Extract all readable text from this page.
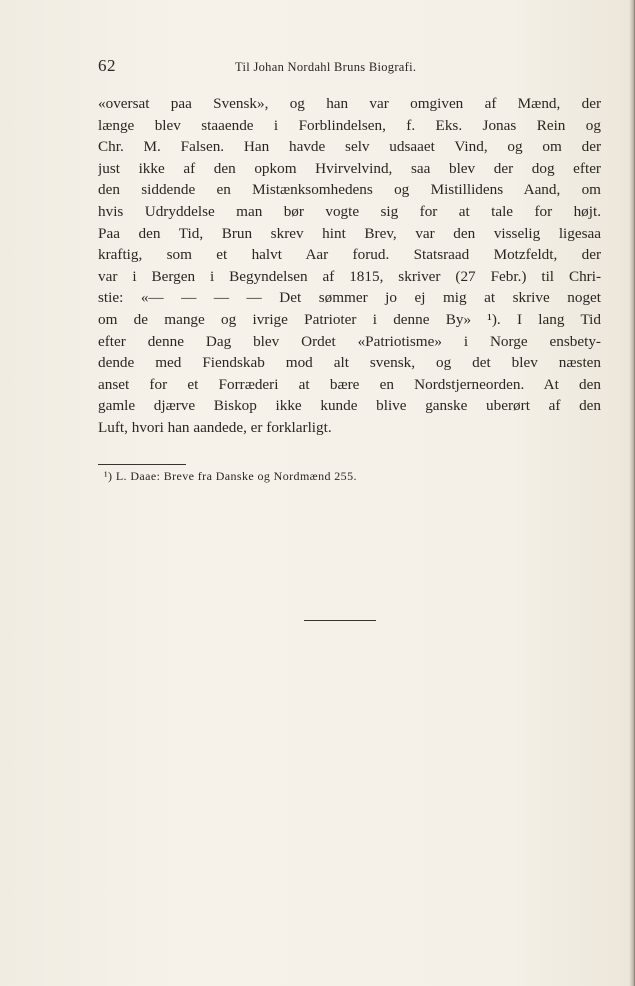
62	Til Johan Nordahl Bruns Biografi.
«oversat paa Svensk», og han var omgiven af Mænd, der
længe blev staaende i Forblindelsen, f. Eks. Jonas Rein og
Chr. M. Falsen. Han havde selv udsaaet Vind, og om der
just ikke af den opkom Hvirvelvind, saa blev der dog efter
den siddende en Mistænksomhedens og Mistillidens Aand, om
hvis Udryddelse man bør vogte sig for at tale for højt.
Paa den Tid, Brun skrev hint Brev, var den visselig ligesaa
kraftig, som et halvt Aar forud. Statsraad Motzfeldt, der
var i Bergen i Begyndelsen af 1815, skriver (27 Febr.) til Chri-
stie: «— — — — Det sømmer jo ej mig at skrive noget
om de mange og ivrige Patrioter i denne By» ¹). I lang Tid
efter denne Dag blev Ordet «Patriotisme» i Norge ensbety-
dende med Fiendskab mod alt svensk, og det blev næsten
anset for et Forræderi at bære en Nordstjerneorden. At den
gamle djærve Biskop ikke kunde blive ganske uberørt af den
Luft, hvori han aandede, er forklarligt.
¹) L. Daae: Breve fra Danske og Nordmænd 255.
